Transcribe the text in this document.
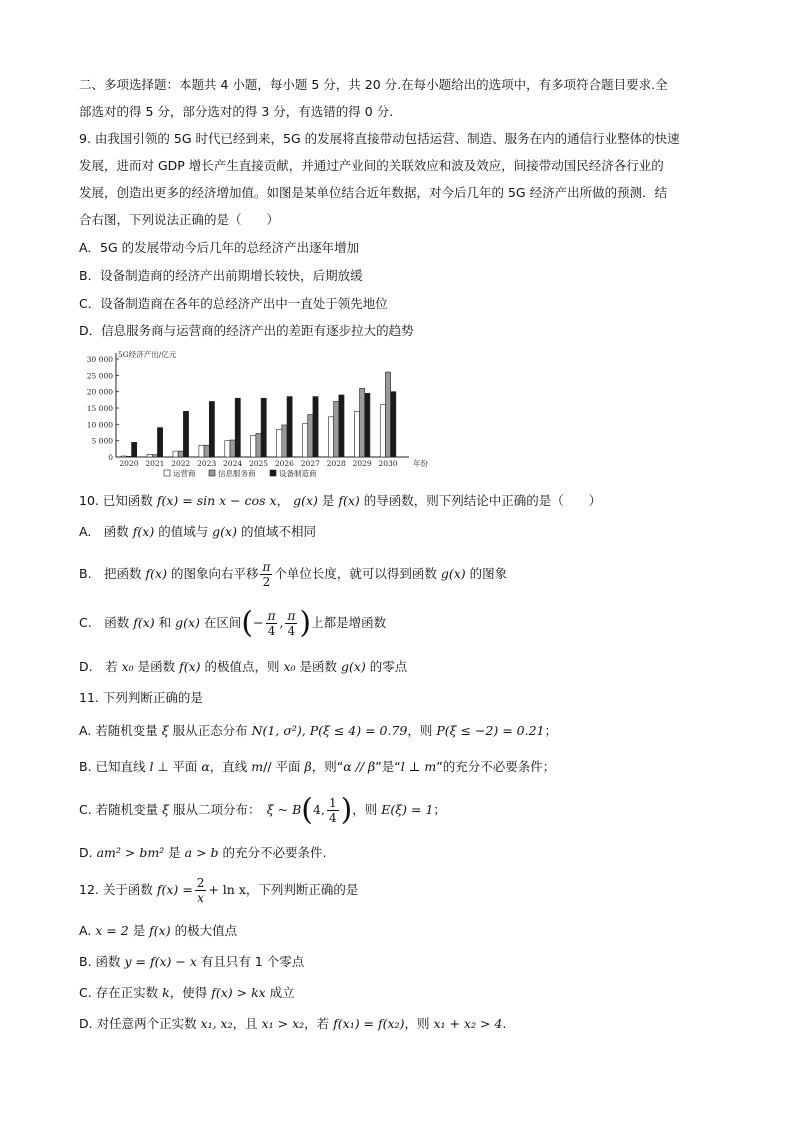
二、多项选择题：本题共 4 小题，每小题 5 分，共 20 分.在每小题给出的选项中，有多项符合题目要求.全
部选对的得 5 分，部分选对的得 3 分，有选错的得 0 分.
9. 由我国引领的 5G 时代已经到来，5G 的发展将直接带动包括运营、制造、服务在内的通信行业整体的快速
发展，进而对 GDP 增长产生直接贡献，并通过产业间的关联效应和波及效应，间接带动国民经济各行业的
发展，创造出更多的经济增加值。如图是某单位结合近年数据，对今后几年的 5G 经济产出所做的预测．结
合右图，下列说法正确的是（　　）
A．5G 的发展带动今后几年的总经济产出逐年增加
B．设备制造商的经济产出前期增长较快，后期放缓
C．设备制造商在各年的总经济产出中一直处于领先地位
D．信息服务商与运营商的经济产出的差距有逐步拉大的趋势
5G经济产出/亿元
0
5 000
10 000
15 000
20 000
25 000
30 000
2020 2021 2022 2023 2024 2025 2026 2027 2028 2029 2030 年份
运营商	信息服务商	设备制造商
10. 已知函数 f(x) = sin x − cos x， g(x) 是 f(x) 的导函数，则下列结论中正确的是（　　）
A.　函数 f(x) 的值域与 g(x) 的值域不相同
B.　把函数 f(x) 的图象向右平移 $\frac{\pi}{2}$ 个单位长度，就可以得到函数 g(x) 的图象
C.　函数 f(x) 和 g(x) 在区间(− $\frac{\pi}{4}$ , $\frac{\pi}{4}$ )上都是增函数
D.　若 x₀ 是函数 f(x) 的极值点，则 x₀ 是函数 g(x) 的零点
11. 下列判断正确的是
A. 若随机变量 ξ 服从正态分布 N(1, σ²), P(ξ ≤ 4) = 0.79，则 P(ξ ≤ −2) = 0.21；
B. 已知直线 l ⊥ 平面 α，直线 m// 平面 β，则“α // β”是“l ⊥ m”的充分不必要条件；
C. 若随机变量 ξ 服从二项分布：　ξ ~ B(4, $\frac{1}{4}$ )，则 E(ξ) = 1；
D. am² > bm² 是 a > b 的充分不必要条件.
12. 关于函数 $f(x) = \frac{2}{x} + \ln x$，下列判断正确的是
A. x = 2 是 f(x) 的极大值点
B. 函数 y = f(x) − x 有且只有 1 个零点
C. 存在正实数 k，使得 f(x) > kx 成立
D. 对任意两个正实数 x₁, x₂，且 x₁ > x₂，若 f(x₁) = f(x₂)，则 x₁ + x₂ > 4.
